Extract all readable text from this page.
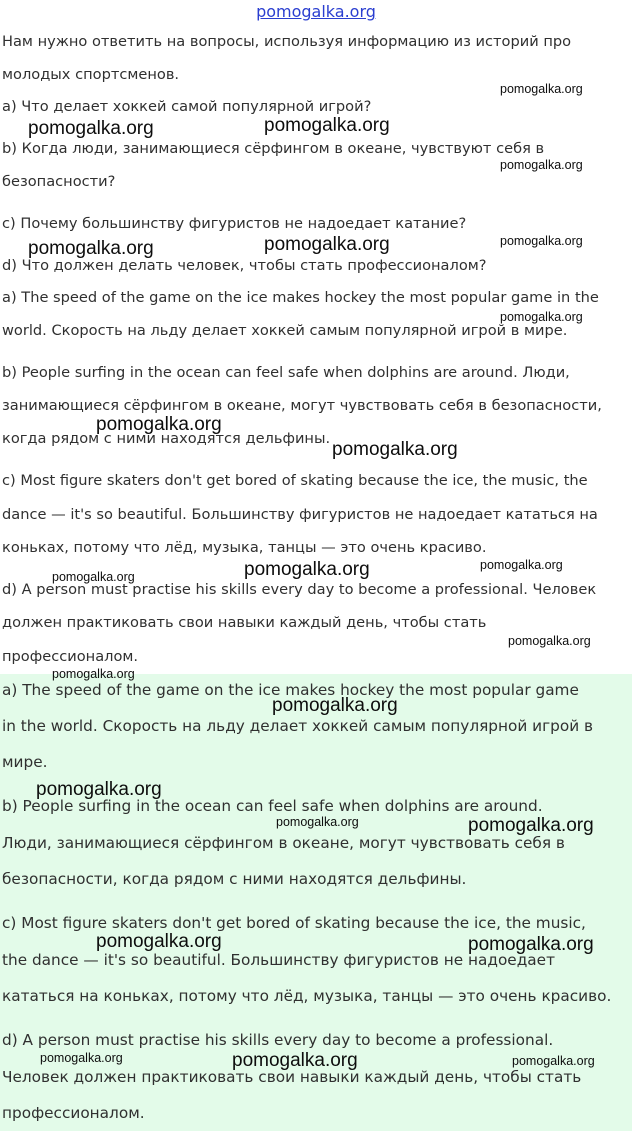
pomogalka.org
Нам нужно ответить на вопросы, используя информацию из историй про
молодых спортсменов.
a) Что делает хоккей самой популярной игрой?
b) Когда люди, занимающиеся сёрфингом в океане, чувствуют себя в
безопасности?
c) Почему большинству фигуристов не надоедает катание?
d) Что должен делать человек, чтобы стать профессионалом?
a) The speed of the game on the ice makes hockey the most popular game in the
world. Скорость на льду делает хоккей самым популярной игрой в мире.
b) People surfing in the ocean can feel safe when dolphins are around. Люди,
занимающиеся сёрфингом в океане, могут чувствовать себя в безопасности,
когда рядом с ними находятся дельфины.
c) Most figure skaters don't get bored of skating because the ice, the music, the
dance — it's so beautiful. Большинству фигуристов не надоедает кататься на
коньках, потому что лёд, музыка, танцы — это очень красиво.
d) A person must practise his skills every day to become a professional. Человек
должен практиковать свои навыки каждый день, чтобы стать
профессионалом.
a) The speed of the game on the ice makes hockey the most popular game
in the world. Скорость на льду делает хоккей самым популярной игрой в
мире.
b) People surfing in the ocean can feel safe when dolphins are around.
Люди, занимающиеся сёрфингом в океане, могут чувствовать себя в
безопасности, когда рядом с ними находятся дельфины.
c) Most figure skaters don't get bored of skating because the ice, the music,
the dance — it's so beautiful. Большинству фигуристов не надоедает
кататься на коньках, потому что лёд, музыка, танцы — это очень красиво.
d) A person must practise his skills every day to become a professional.
Человек должен практиковать свои навыки каждый день, чтобы стать
профессионалом.
pomogalka.org
pomogalka.org	pomogalka.org
pomogalka.org
pomogalka.org
pomogalka.org	pomogalka.org
pomogalka.org
pomogalka.org
pomogalka.org
pomogalka.org
pomogalka.org
pomogalka.org
pomogalka.org
pomogalka.org
pomogalka.org
pomogalka.org
pomogalka.org	pomogalka.org
pomogalka.org	pomogalka.org
pomogalka.org	pomogalka.org	pomogalka.org
